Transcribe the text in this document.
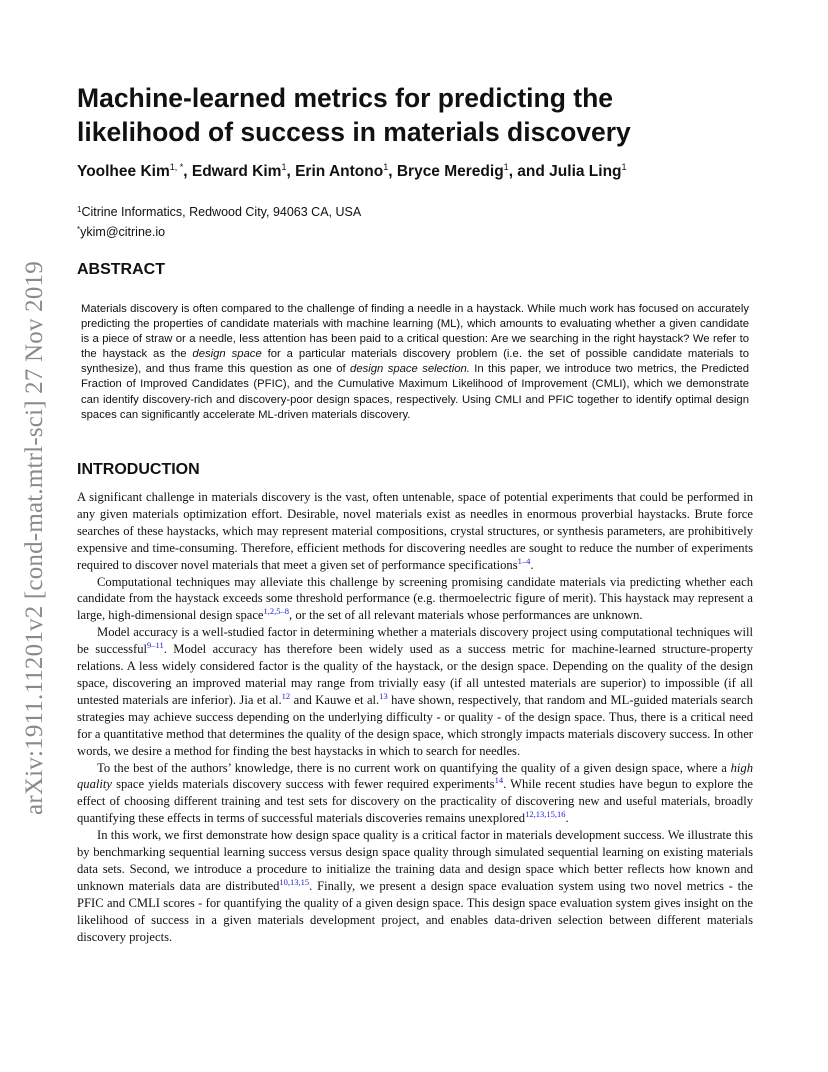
arXiv:1911.11201v2 [cond-mat.mtrl-sci] 27 Nov 2019
Machine-learned metrics for predicting the
likelihood of success in materials discovery
Yoolhee Kim$^{1, *}$, Edward Kim$^1$, Erin Antono$^1$, Bryce Meredig$^1$, and Julia Ling$^1$
$^1$Citrine Informatics, Redwood City, 94063 CA, USA
*ykim@citrine.io
ABSTRACT

Materials discovery is often compared to the challenge of finding a needle in a haystack. While much work has focused on accurately predicting the properties of candidate materials with machine learning (ML), which amounts to evaluating whether a given candidate is a piece of straw or a needle, less attention has been paid to a critical question: Are we searching in the right haystack? We refer to the haystack as the design space for a particular materials discovery problem (i.e. the set of possible candidate materials to synthesize), and thus frame this question as one of design space selection. In this paper, we introduce two metrics, the Predicted Fraction of Improved Candidates (PFIC), and the Cumulative Maximum Likelihood of Improvement (CMLI), which we demonstrate can identify discovery-rich and discovery-poor design spaces, respectively. Using CMLI and PFIC together to identify optimal design spaces can significantly accelerate ML-driven materials discovery.

INTRODUCTION

A significant challenge in materials discovery is the vast, often untenable, space of potential experiments that could be performed in any given materials optimization effort. Desirable, novel materials exist as needles in enormous proverbial haystacks. Brute force searches of these haystacks, which may represent material compositions, crystal structures, or synthesis parameters, are prohibitively expensive and time-consuming. Therefore, efficient methods for discovering needles are sought to reduce the number of experiments required to discover novel materials that meet a given set of performance specifications$^{1-4}$.

Computational techniques may alleviate this challenge by screening promising candidate materials via predicting whether each candidate from the haystack exceeds some threshold performance (e.g. thermoelectric figure of merit). This haystack may represent a large, high-dimensional design space$^{1,2,5-8}$, or the set of all relevant materials whose performances are unknown.

Model accuracy is a well-studied factor in determining whether a materials discovery project using computational techniques will be successful$^{9-11}$. Model accuracy has therefore been widely used as a success metric for machine-learned structure-property relations. A less widely considered factor is the quality of the haystack, or the design space. Depending on the quality of the design space, discovering an improved material may range from trivially easy (if all untested materials are superior) to impossible (if all untested materials are inferior). Jia et al.$^{12}$ and Kauwe et al.$^{13}$ have shown, respectively, that random and ML-guided materials search strategies may achieve success depending on the underlying difficulty - or quality - of the design space. Thus, there is a critical need for a quantitative method that determines the quality of the design space, which strongly impacts materials discovery success. In other words, we desire a method for finding the best haystacks in which to search for needles.

To the best of the authors’ knowledge, there is no current work on quantifying the quality of a given design space, where a high quality space yields materials discovery success with fewer required experiments$^{14}$. While recent studies have begun to explore the effect of choosing different training and test sets for discovery on the practicality of discovering new and useful materials, broadly quantifying these effects in terms of successful materials discoveries remains unexplored$^{12,13,15,16}$.

In this work, we first demonstrate how design space quality is a critical factor in materials development success. We illustrate this by benchmarking sequential learning success versus design space quality through simulated sequential learning on existing materials data sets. Second, we introduce a procedure to initialize the training data and design space which better reflects how known and unknown materials data are distributed$^{10,13,15}$. Finally, we present a design space evaluation system using two novel metrics - the PFIC and CMLI scores - for quantifying the quality of a given design space. This design space evaluation system gives insight on the likelihood of success in a given materials development project, and enables data-driven selection between different materials discovery projects.
